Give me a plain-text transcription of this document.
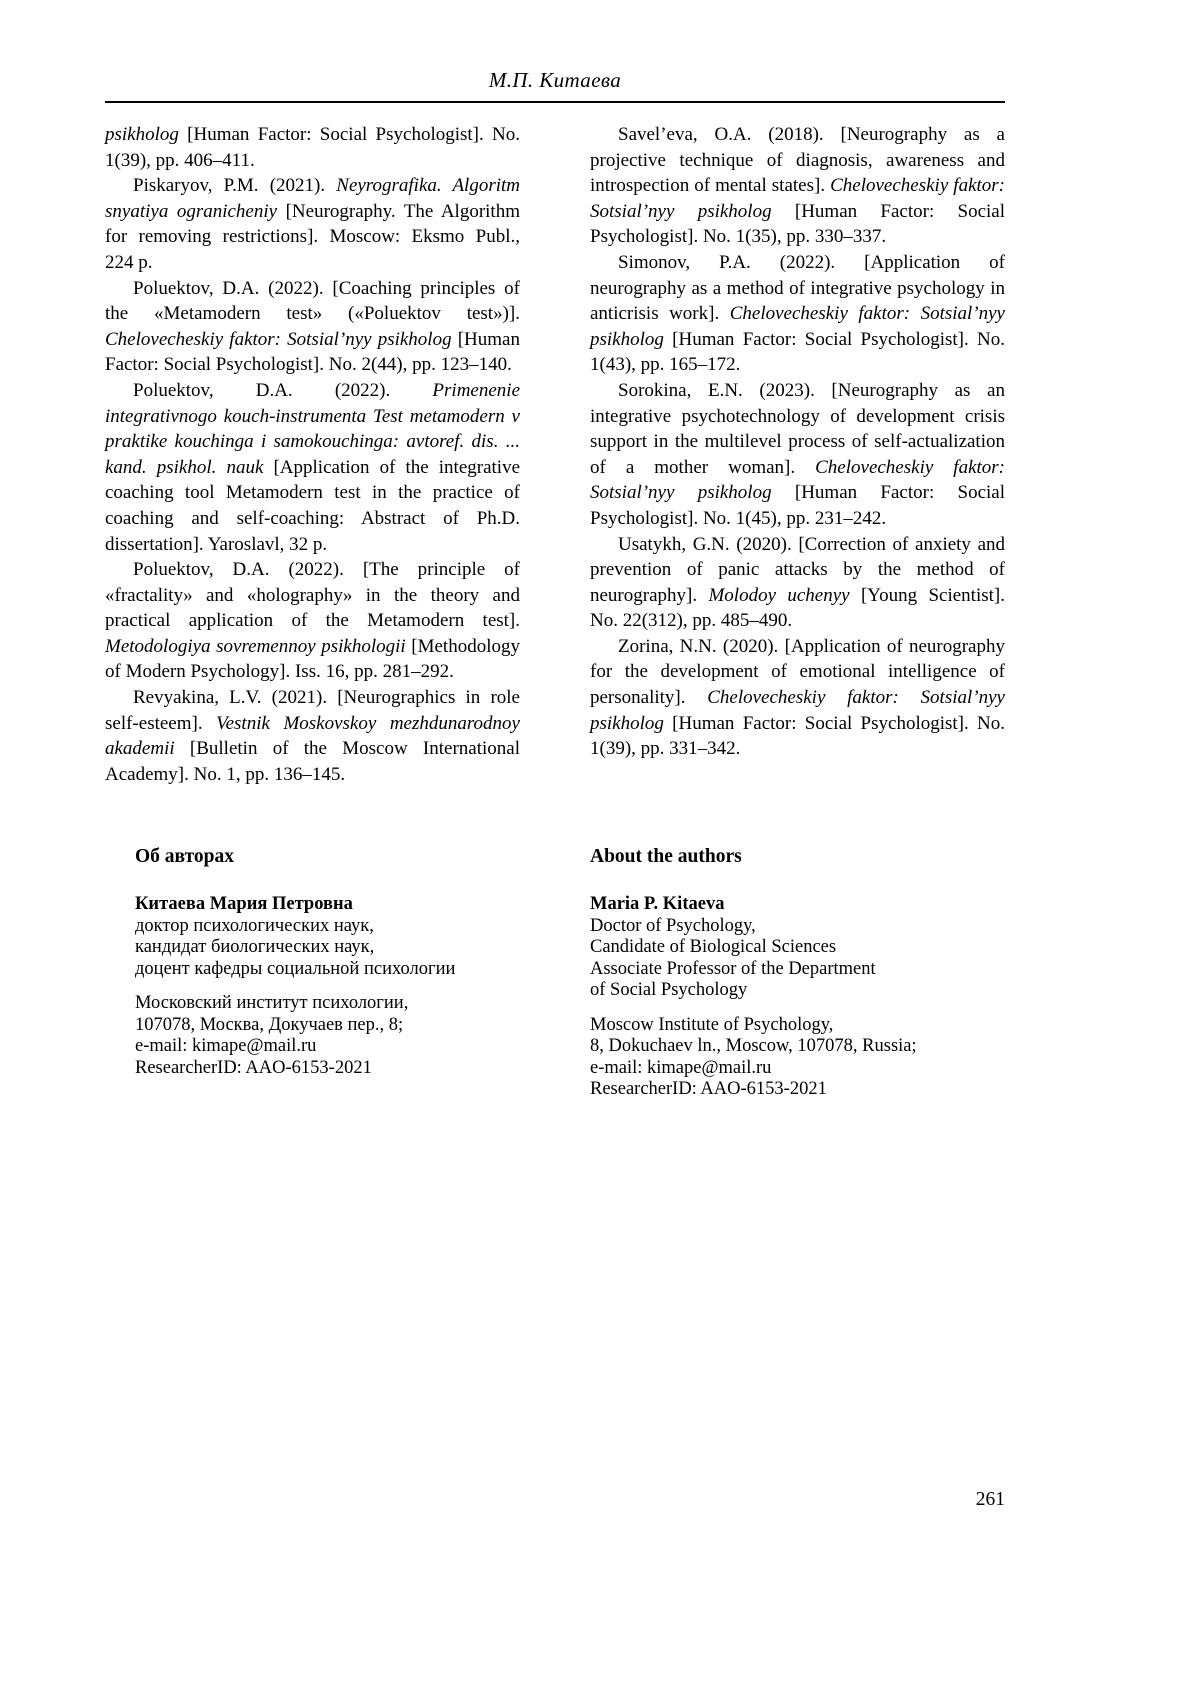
М.П. Китаева

psikholog [Human Factor: Social Psychologist]. No. 1(39), pp. 406–411.

Piskaryov, P.M. (2021). Neyrografika. Algoritm snyatiya ogranicheniy [Neurography. The Algorithm for removing restrictions]. Moscow: Eksmo Publ., 224 p.

Poluektov, D.A. (2022). [Coaching principles of the «Metamodern test» («Poluektov test»)]. Chelovecheskiy faktor: Sotsial’nyy psikholog [Human Factor: Social Psychologist]. No. 2(44), pp. 123–140.

Poluektov, D.A. (2022). Primenenie integrativnogo kouch-instrumenta Test metamodern v praktike kouchinga i samokouchinga: avtoref. dis. ... kand. psikhol. nauk [Application of the integrative coaching tool Metamodern test in the practice of coaching and self-coaching: Abstract of Ph.D. dissertation]. Yaroslavl, 32 p.

Poluektov, D.A. (2022). [The principle of «fractality» and «holography» in the theory and practical application of the Metamodern test]. Metodologiya sovremennoy psikhologii [Methodology of Modern Psychology]. Iss. 16, pp. 281–292.

Revyakina, L.V. (2021). [Neurographics in role self-esteem]. Vestnik Moskovskoy mezhdunarodnoy akademii [Bulletin of the Moscow International Academy]. No. 1, pp. 136–145.

Savel’eva, O.A. (2018). [Neurography as a projective technique of diagnosis, awareness and introspection of mental states]. Chelovecheskiy faktor: Sotsial’nyy psikholog [Human Factor: Social Psychologist]. No. 1(35), pp. 330–337.

Simonov, P.A. (2022). [Application of neurography as a method of integrative psychology in anticrisis work]. Chelovecheskiy faktor: Sotsial’nyy psikholog [Human Factor: Social Psychologist]. No. 1(43), pp. 165–172.

Sorokina, E.N. (2023). [Neurography as an integrative psychotechnology of development crisis support in the multilevel process of self-actualization of a mother woman]. Chelovecheskiy faktor: Sotsial’nyy psikholog [Human Factor: Social Psychologist]. No. 1(45), pp. 231–242.

Usatykh, G.N. (2020). [Correction of anxiety and prevention of panic attacks by the method of neurography]. Molodoy uchenyy [Young Scientist]. No. 22(312), pp. 485–490.

Zorina, N.N. (2020). [Application of neurography for the development of emotional intelligence of personality]. Chelovecheskiy faktor: Sotsial’nyy psikholog [Human Factor: Social Psychologist]. No. 1(39), pp. 331–342.

Об авторах

Китаева Мария Петровна

доктор психологических наук,
кандидат биологических наук,
доцент кафедры социальной психологии
Московский институт психологии,
107078, Москва, Докучаев пер., 8;
e-mail: kimape@mail.ru
ResearcherID: AAO-6153-2021
About the authors

Maria P. Kitaeva

Doctor of Psychology,
Candidate of Biological Sciences
Associate Professor of the Department
of Social Psychology
Moscow Institute of Psychology,
8, Dokuchaev ln., Moscow, 107078, Russia;
e-mail: kimape@mail.ru
ResearcherID: AAO-6153-2021
261
